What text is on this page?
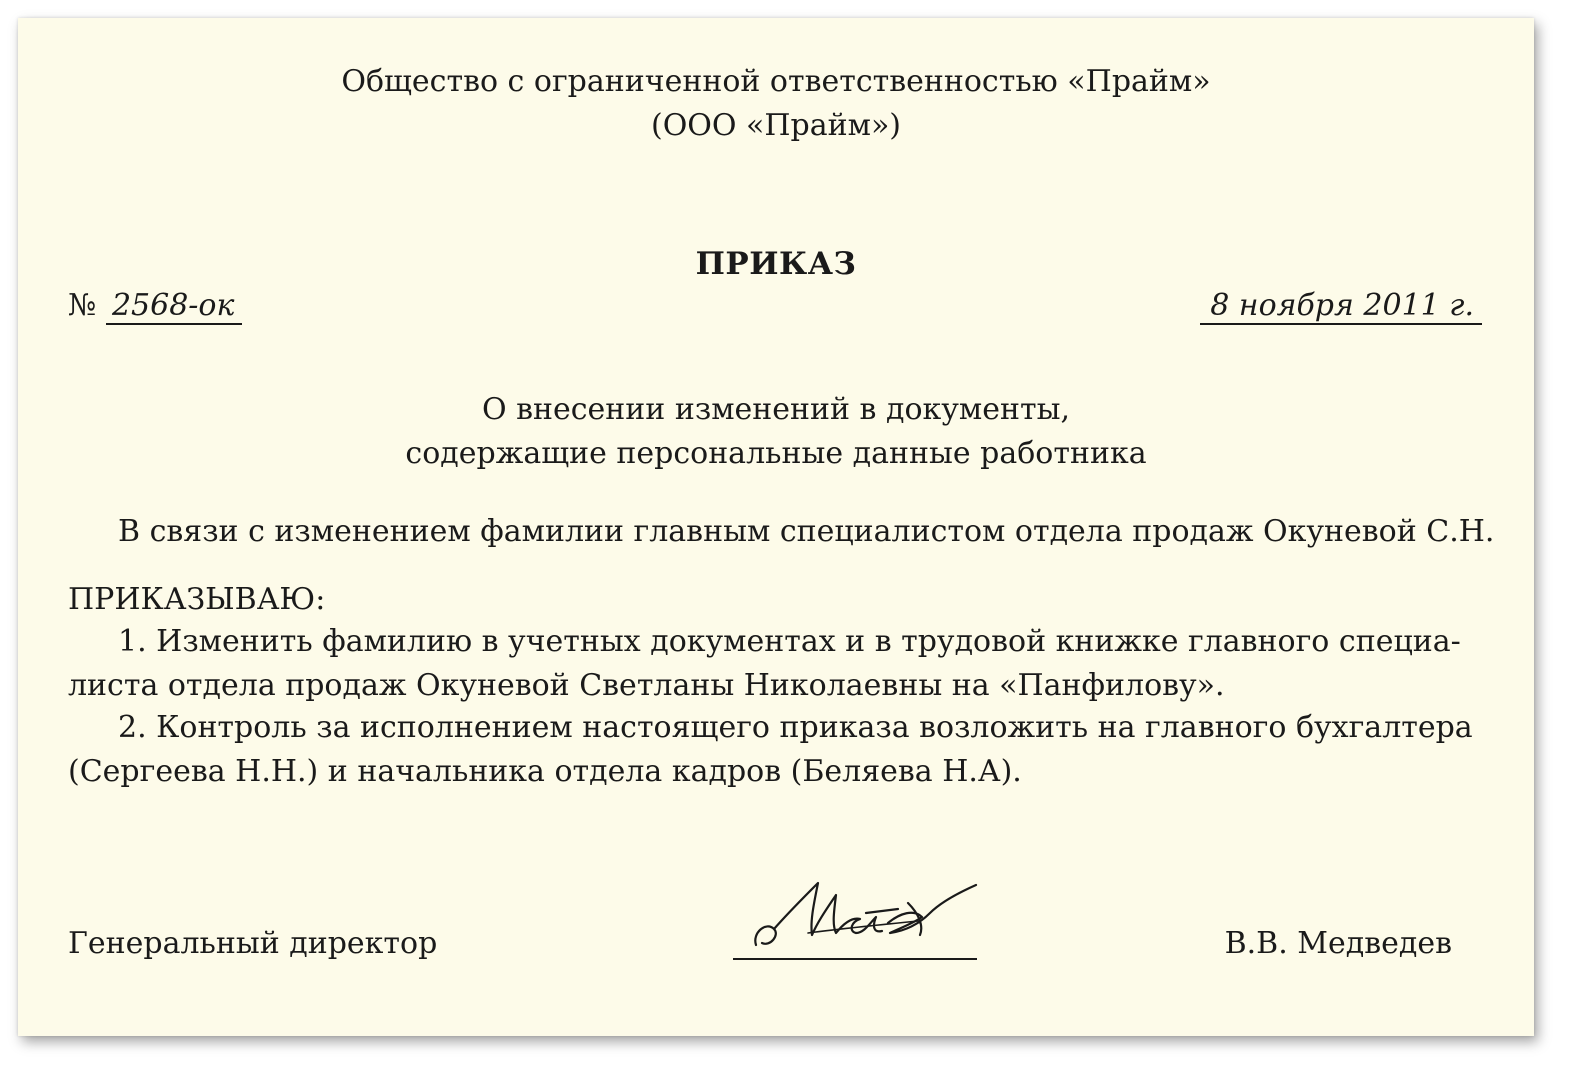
Общество с ограниченной ответственностью «Прайм»
(ООО «Прайм»)
ПРИКАЗ
№ 2568-ок	8 ноября 2011 г.
О внесении изменений в документы,
содержащие персональные данные работника
В связи с изменением фамилии главным специалистом отдела продаж Окуневой С.Н.
ПРИКАЗЫВАЮ:
1. Изменить фамилию в учетных документах и в трудовой книжке главного специа-
листа отдела продаж Окуневой Светланы Николаевны на «Панфилову».
2. Контроль за исполнением настоящего приказа возложить на главного бухгалтера
(Сергеева Н.Н.) и начальника отдела кадров (Беляева Н.А).
Генеральный директор	В.В. Медведев
